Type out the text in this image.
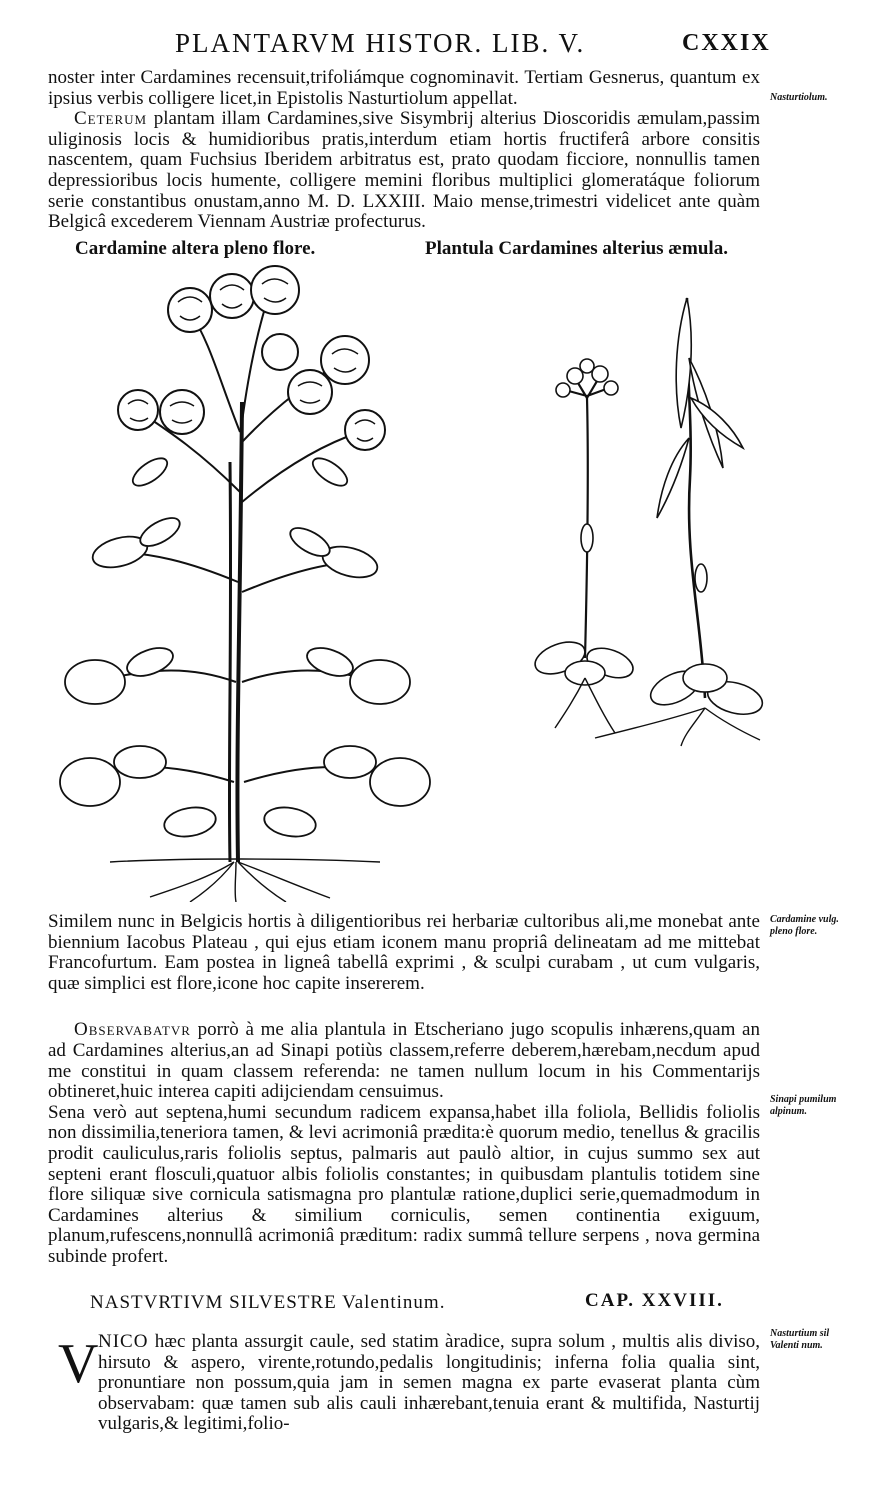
PLANTARVM HISTOR. LIB. V.	CXXIX

noster inter Cardamines recensuit,trifoliámque cognominavit. Tertiam Gesnerus, quantum ex ipsius verbis colligere licet,in Epistolis Nasturtiolum appellat.

Ceterum plantam illam Cardamines,sive Sisymbrij alterius Dioscoridis æmulam,passim uliginosis locis & humidioribus pratis,interdum etiam hortis fructiferâ arbore consitis nascentem, quam Fuchsius Iberidem arbitratus est, prato quodam ficciore, nonnullis tamen depressioribus locis humente, colligere memini floribus multiplici glomeratáque foliorum serie constantibus onustam,anno M. D. LXXIII. Maio mense,trimestri videlicet ante quàm Belgicâ excederem Viennam Austriæ profecturus.

Nasturtiolum.
Cardamine altera pleno flore.	Plantula Cardamines alterius æmula.

Similem nunc in Belgicis hortis à diligentioribus rei herbariæ cultoribus ali,me monebat ante biennium Iacobus Plateau , qui ejus etiam iconem manu propriâ delineatam ad me mittebat Francofurtum. Eam postea in ligneâ tabellâ exprimi , & sculpi curabam , ut cum vulgaris, quæ simplici est flore,icone hoc capite insererem.

Observabatvr porrò à me alia plantula in Etscheriano jugo scopulis inhærens,quam an ad Cardamines alterius,an ad Sinapi potiùs classem,referre deberem,hærebam,necdum apud me constitui in quam classem referenda: ne tamen nullum locum in his Commentarijs obtineret,huic interea capiti adijciendam censuimus.

Sena verò aut septena,humi secundum radicem expansa,habet illa foliola, Bellidis foliolis non dissimilia,teneriora tamen, & levi acrimoniâ prædita:è quorum medio, tenellus & gracilis prodit cauliculus,raris foliolis septus, palmaris aut paulò altior, in cujus summo sex aut septeni erant flosculi,quatuor albis foliolis constantes; in quibusdam plantulis totidem sine flore siliquæ sive cornicula satismagna pro plantulæ ratione,duplici serie,quemadmodum in Cardamines alterius & similium corniculis, semen continentia exiguum, planum,rufescens,nonnullâ acrimoniâ præditum: radix summâ tellure serpens , nova germina subinde profert.

Cardamine vulg. pleno flore.
Sinapi pumilum alpinum.
NASTVRTIVM SILVESTRE Valentinum.	CAP. XXVIII.
V NICO hæc planta assurgit caule, sed statim àradice, supra solum , multis alis diviso, hirsuto & aspero, virente,rotundo,pedalis longitudinis; inferna folia qualia sint, pronuntiare non possum,quia jam in semen magna ex parte evaserat planta cùm observabam: quæ tamen sub alis cauli inhærebant,tenuia erant & multifida, Nasturtij vulgaris,& legitimi,folio-

Nasturtium sil Valenti num.
